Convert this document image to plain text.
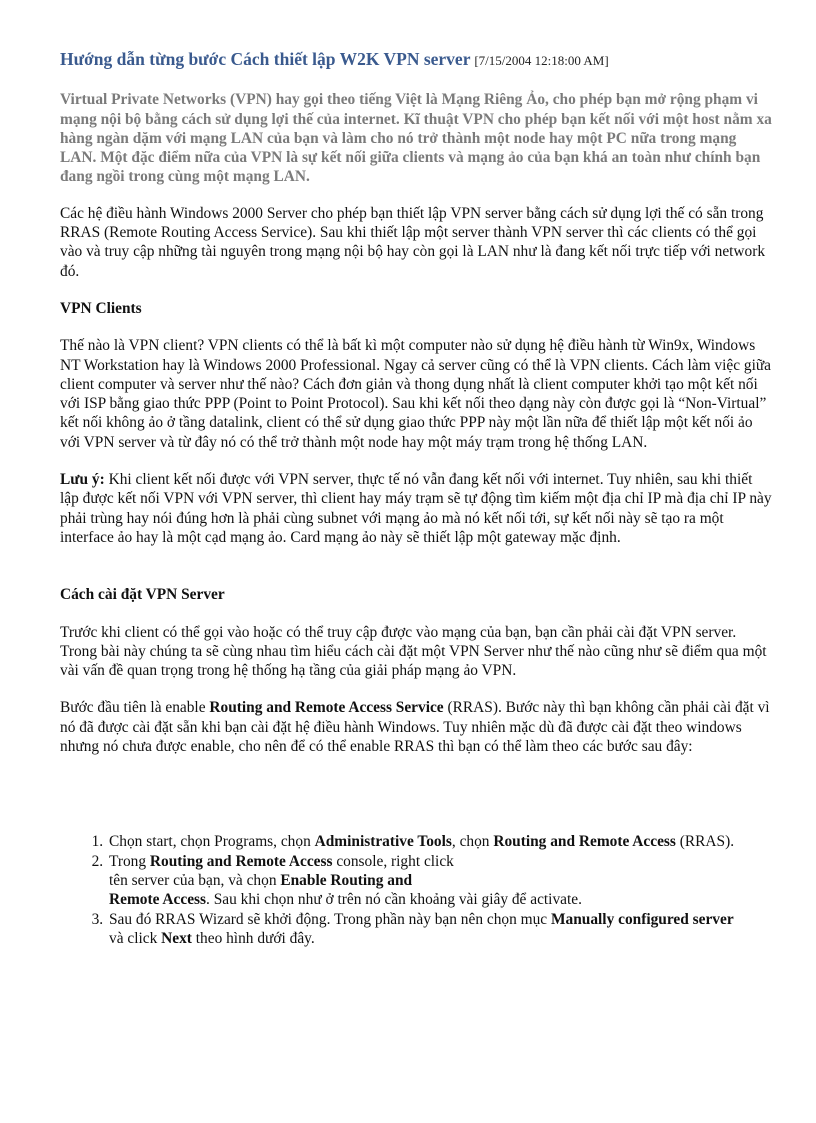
Hướng dẫn từng bước Cách thiết lập W2K VPN server [7/15/2004 12:18:00 AM]

Virtual Private Networks (VPN) hay gọi theo tiếng Việt là Mạng Riêng Ảo, cho phép bạn mở rộng phạm vi mạng nội bộ bằng cách sử dụng lợi thế của internet. Kĩ thuật VPN cho phép bạn kết nối với một host nằm xa hàng ngàn dặm với mạng LAN của bạn và làm cho nó trở thành một node hay một PC nữa trong mạng LAN. Một đặc điểm nữa của VPN là sự kết nối giữa clients và mạng ảo của bạn khá an toàn như chính bạn đang ngồi trong cùng một mạng LAN.

Các hệ điều hành Windows 2000 Server cho phép bạn thiết lập VPN server bằng cách sử dụng lợi thế có sẵn trong RRAS (Remote Routing Access Service). Sau khi thiết lập một server thành VPN server thì các clients có thể gọi vào và truy cập những tài nguyên trong mạng nội bộ hay còn gọi là LAN như là đang kết nối trực tiếp với network đó.

VPN Clients

Thế nào là VPN client? VPN clients có thể là bất kì một computer nào sử dụng hệ điều hành từ Win9x, Windows NT Workstation hay là Windows 2000 Professional. Ngay cả server cũng có thể là VPN clients. Cách làm việc giữa client computer và server như thế nào? Cách đơn giản và thong dụng nhất là client computer khởi tạo một kết nối với ISP bằng giao thức PPP (Point to Point Protocol). Sau khi kết nối theo dạng này còn được gọi là “Non-Virtual” kết nối không ảo ở tầng datalink, client có thể sử dụng giao thức PPP này một lần nữa để thiết lập một kết nối ảo với VPN server và từ đây nó có thể trở thành một node hay một máy trạm trong hệ thống LAN.

Lưu ý: Khi client kết nối được với VPN server, thực tế nó vẫn đang kết nối với internet. Tuy nhiên, sau khi thiết lập được kết nối VPN với VPN server, thì client hay máy trạm sẽ tự động tìm kiếm một địa chỉ IP mà địa chỉ IP này phải trùng hay nói đúng hơn là phải cùng subnet với mạng ảo mà nó kết nối tới, sự kết nối này sẽ tạo ra một interface ảo hay là một cạd mạng ảo. Card mạng ảo này sẽ thiết lập một gateway mặc định.

Cách cài đặt VPN Server

Trước khi client có thể gọi vào hoặc có thể truy cập được vào mạng của bạn, bạn cần phải cài đặt VPN server. Trong bài này chúng ta sẽ cùng nhau tìm hiểu cách cài đặt một VPN Server như thế nào cũng như sẽ điểm qua một vài vấn đề quan trọng trong hệ thống hạ tầng của giải pháp mạng ảo VPN.

Bước đầu tiên là enable Routing and Remote Access Service (RRAS). Bước này thì bạn không cần phải cài đặt vì nó đã được cài đặt sẵn khi bạn cài đặt hệ điều hành Windows. Tuy nhiên mặc dù đã được cài đặt theo windows nhưng nó chưa được enable, cho nên để có thể enable RRAS thì bạn có thể làm theo các bước sau đây:

1. Chọn start, chọn Programs, chọn Administrative Tools, chọn Routing and Remote Access (RRAS).
2. Trong Routing and Remote Access console, right click
tên server của bạn, và chọn Enable Routing and
Remote Access. Sau khi chọn như ở trên nó cần khoảng vài giây để activate.
3. Sau đó RRAS Wizard sẽ khởi động. Trong phần này bạn nên chọn mục Manually configured server
và click Next theo hình dưới đây.
